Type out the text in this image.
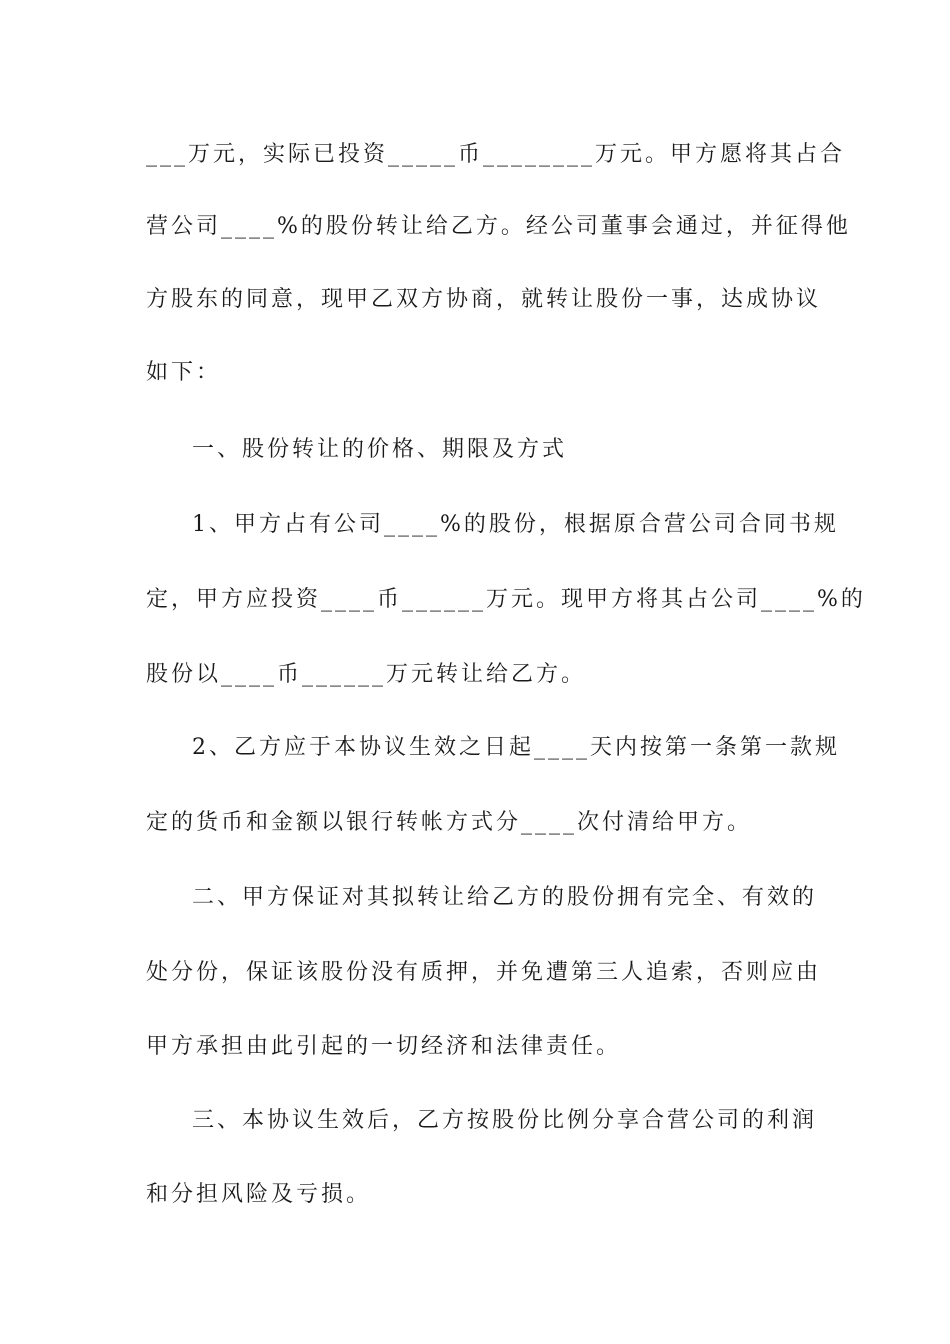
___万元，实际已投资_____币________万元。甲方愿将其占合
营公司____%的股份转让给乙方。经公司董事会通过，并征得他
方股东的同意，现甲乙双方协商，就转让股份一事，达成协议
如下：
一、股份转让的价格、期限及方式
1、甲方占有公司____%的股份，根据原合营公司合同书规
定，甲方应投资____币______万元。现甲方将其占公司____%的
股份以____币______万元转让给乙方。
2、乙方应于本协议生效之日起____天内按第一条第一款规
定的货币和金额以银行转帐方式分____次付清给甲方。
二、甲方保证对其拟转让给乙方的股份拥有完全、有效的
处分份，保证该股份没有质押，并免遭第三人追索，否则应由
甲方承担由此引起的一切经济和法律责任。
三、本协议生效后，乙方按股份比例分享合营公司的利润
和分担风险及亏损。
